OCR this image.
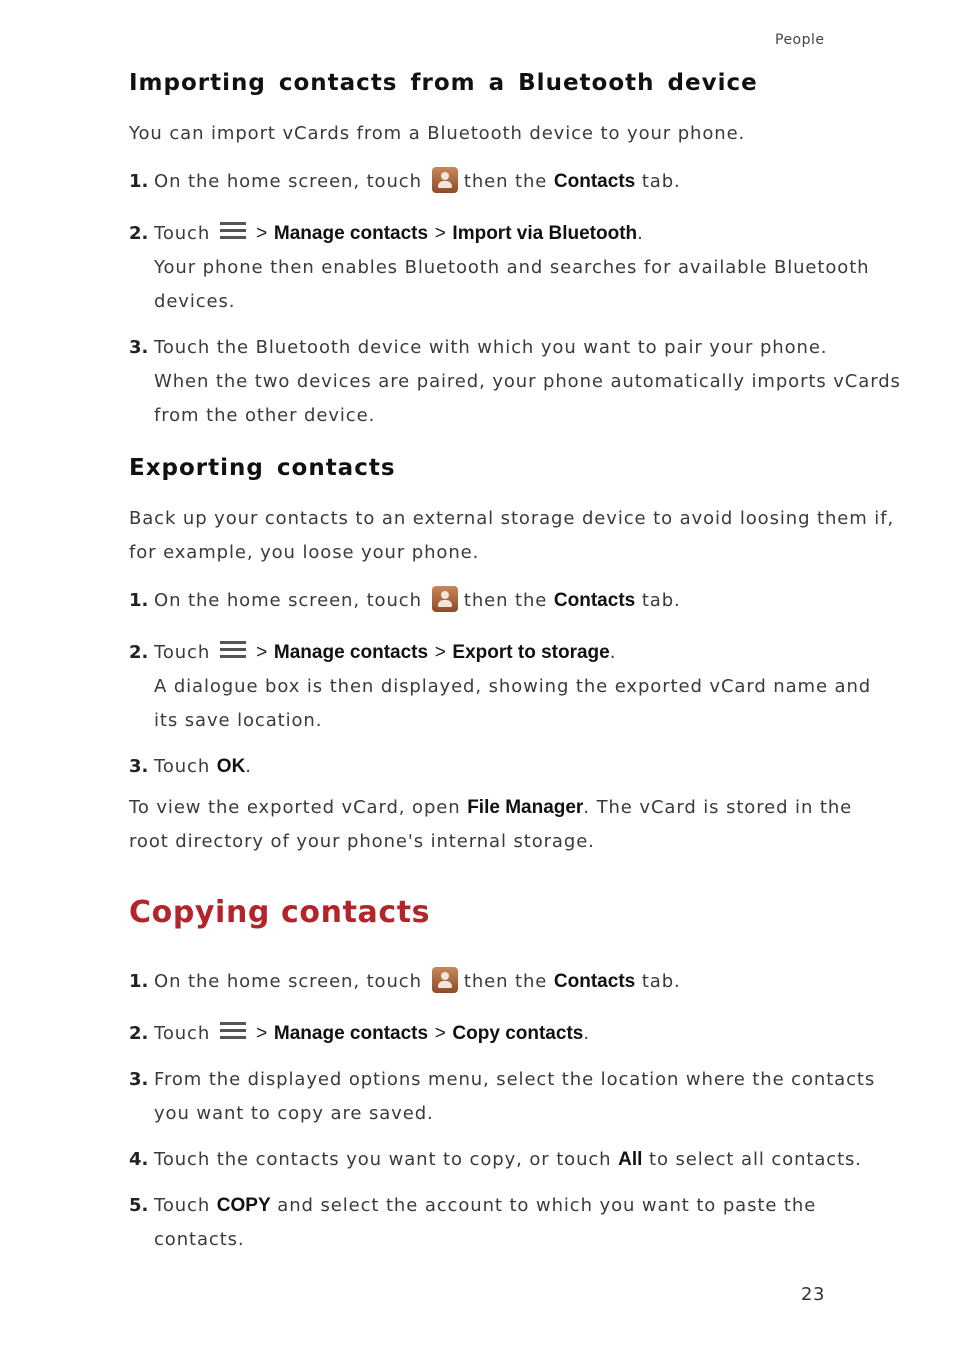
People
Importing contacts from a Bluetooth device
You can import vCards from a Bluetooth device to your phone.
1. On the home screen, touch then the Contacts tab.
2. Touch > Manage contacts > Import via Bluetooth.
Your phone then enables Bluetooth and searches for available Bluetooth
devices.
3. Touch the Bluetooth device with which you want to pair your phone.
When the two devices are paired, your phone automatically imports vCards
from the other device.
Exporting contacts
Back up your contacts to an external storage device to avoid loosing them if,
for example, you loose your phone.
1. On the home screen, touch then the Contacts tab.
2. Touch > Manage contacts > Export to storage.
A dialogue box is then displayed, showing the exported vCard name and
its save location.
3. Touch OK.
To view the exported vCard, open File Manager. The vCard is stored in the
root directory of your phone's internal storage.
Copying contacts
1. On the home screen, touch then the Contacts tab.
2. Touch > Manage contacts > Copy contacts.
3. From the displayed options menu, select the location where the contacts
you want to copy are saved.
4. Touch the contacts you want to copy, or touch All to select all contacts.
5. Touch COPY and select the account to which you want to paste the
contacts.
23
